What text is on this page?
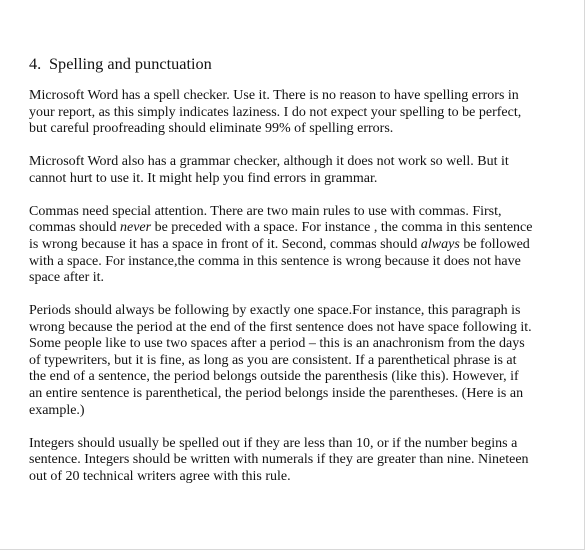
4. Spelling and punctuation
Microsoft Word has a spell checker. Use it. There is no reason to have spelling errors in
your report, as this simply indicates laziness. I do not expect your spelling to be perfect,
but careful proofreading should eliminate 99% of spelling errors.
Microsoft Word also has a grammar checker, although it does not work so well. But it
cannot hurt to use it. It might help you find errors in grammar.
Commas need special attention. There are two main rules to use with commas. First,
commas should never be preceded with a space. For instance , the comma in this sentence
is wrong because it has a space in front of it. Second, commas should always be followed
with a space. For instance,the comma in this sentence is wrong because it does not have
space after it.
Periods should always be following by exactly one space.For instance, this paragraph is
wrong because the period at the end of the first sentence does not have space following it.
Some people like to use two spaces after a period – this is an anachronism from the days
of typewriters, but it is fine, as long as you are consistent. If a parenthetical phrase is at
the end of a sentence, the period belongs outside the parenthesis (like this). However, if
an entire sentence is parenthetical, the period belongs inside the parentheses. (Here is an
example.)
Integers should usually be spelled out if they are less than 10, or if the number begins a
sentence. Integers should be written with numerals if they are greater than nine. Nineteen
out of 20 technical writers agree with this rule.
